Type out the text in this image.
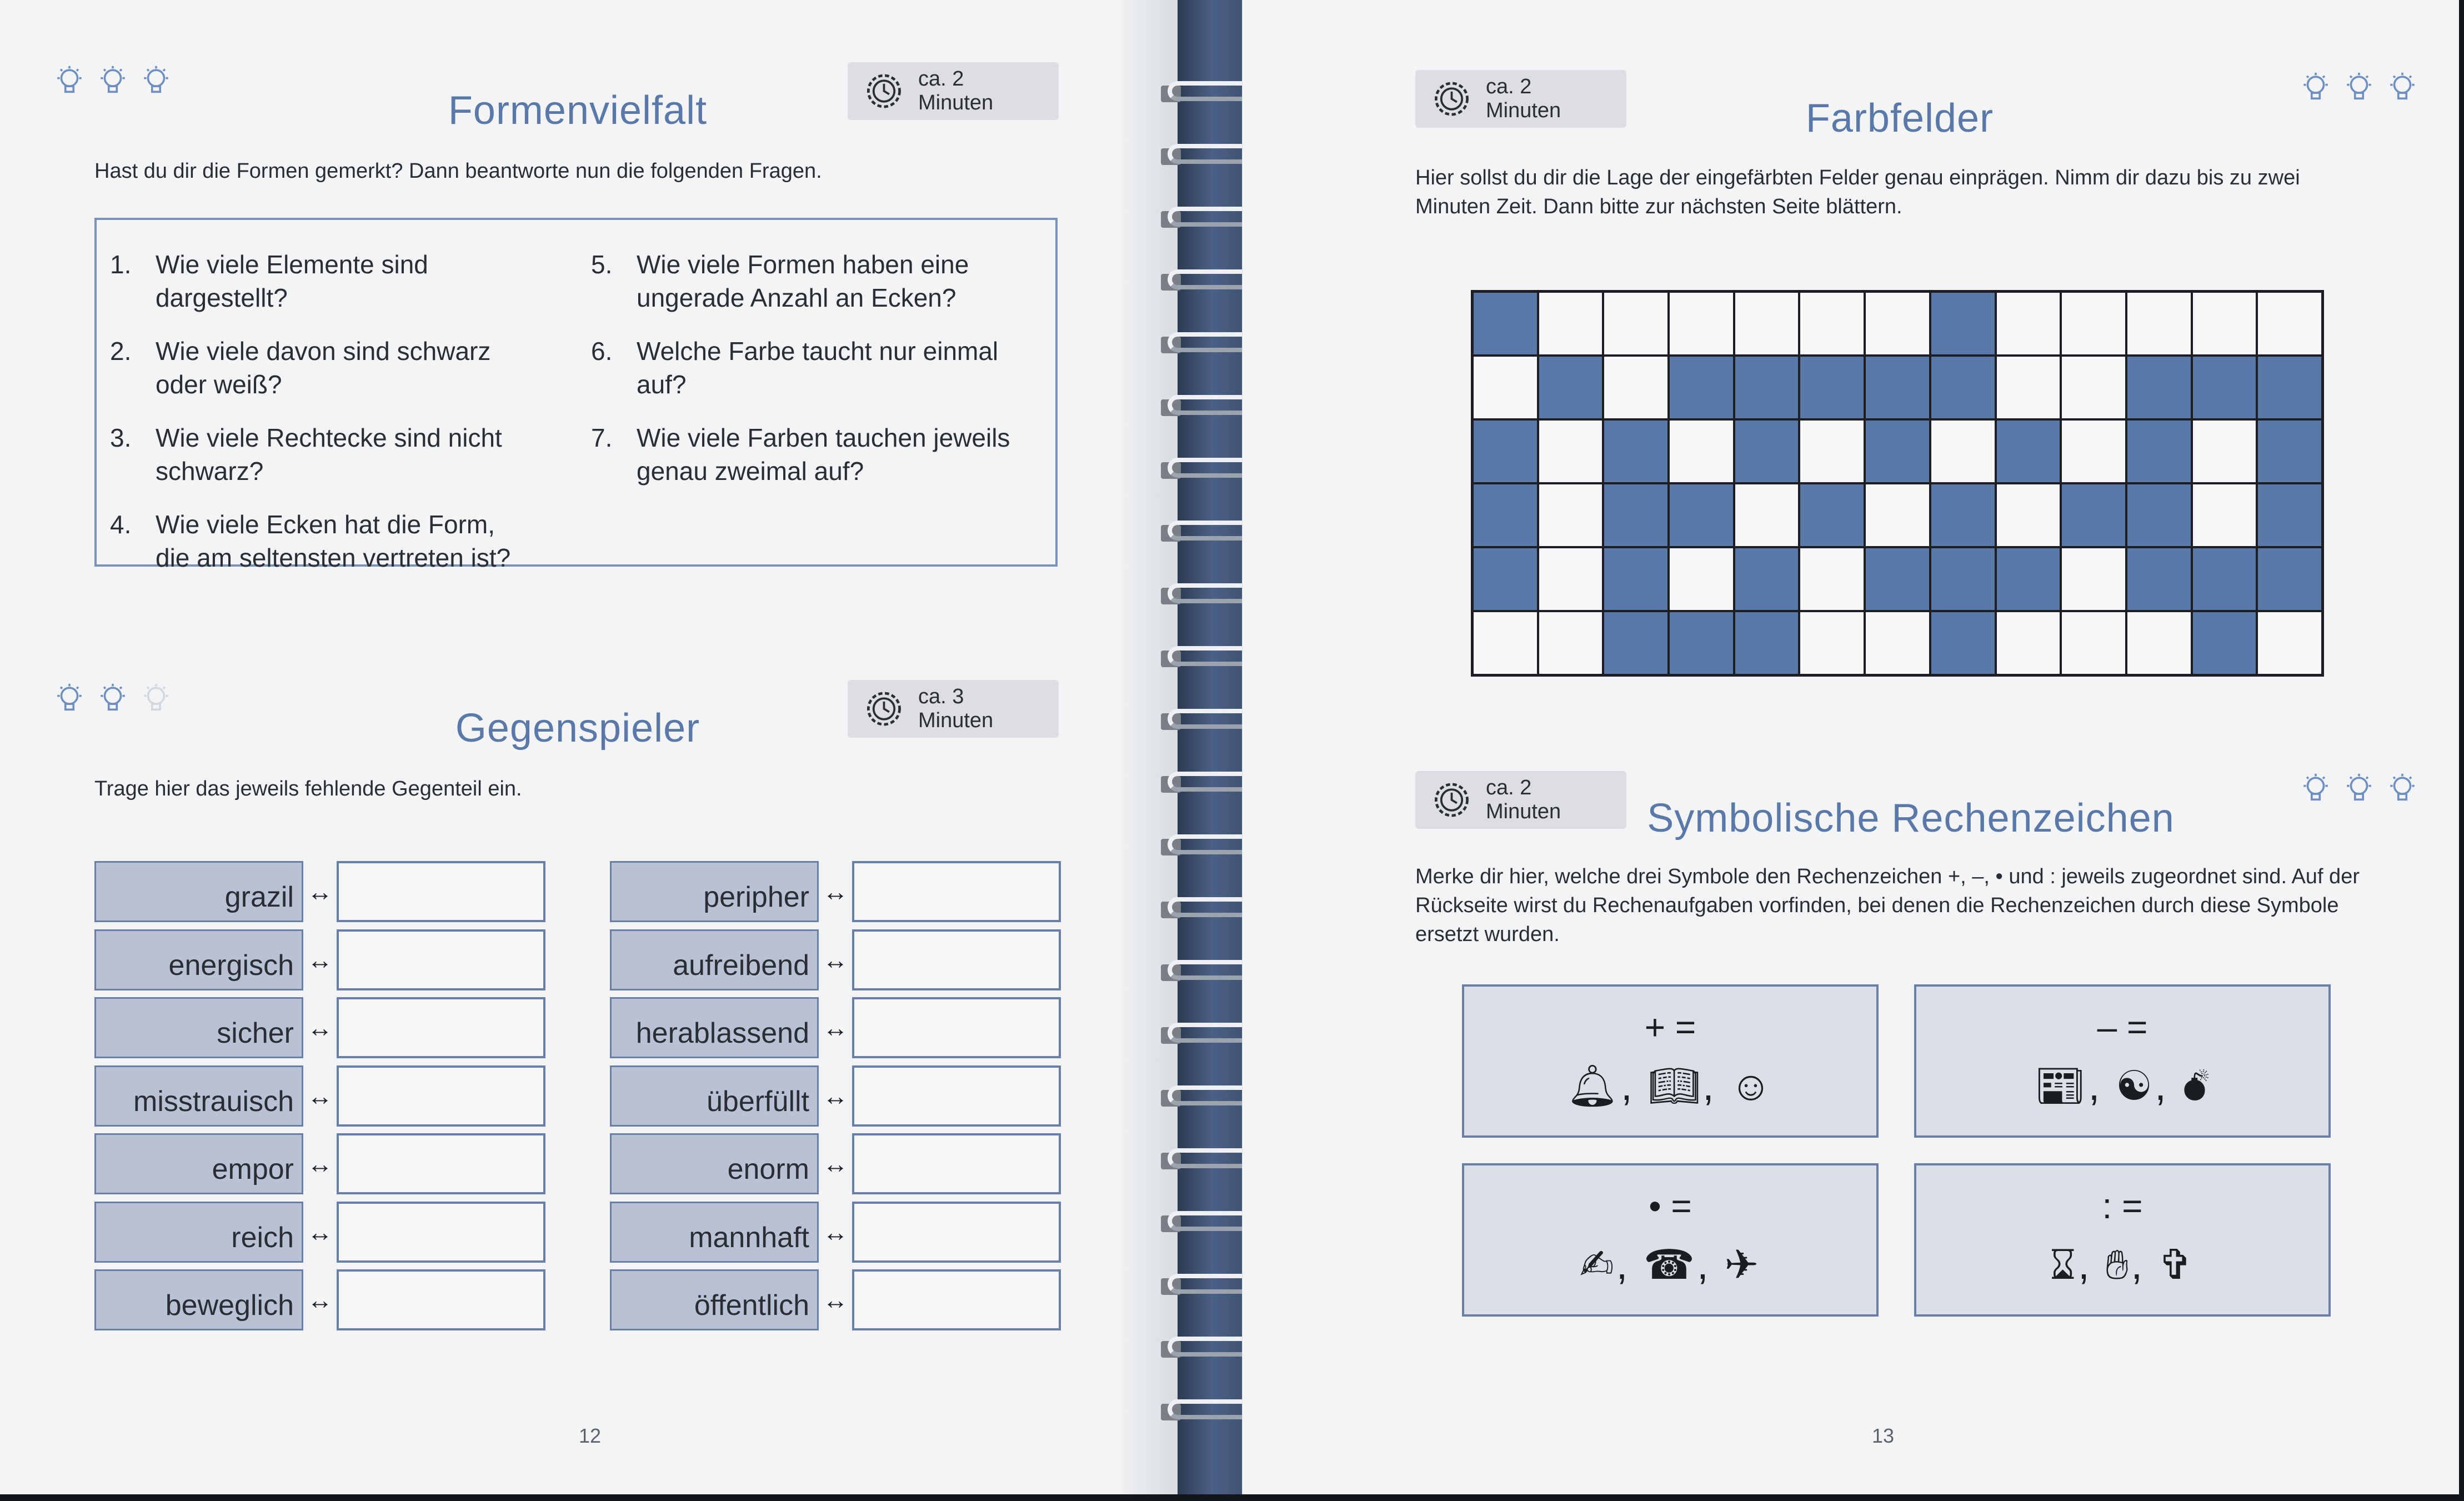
ca. 2 Minuten
Formenvielfalt
Hast du dir die Formen gemerkt? Dann beantworte nun die folgenden Fragen.
1. Wie viele Elemente sind dargestellt?
2. Wie viele davon sind schwarz oder weiß?
3. Wie viele Rechtecke sind nicht schwarz?
4. Wie viele Ecken hat die Form, die am seltensten vertreten ist?
5. Wie viele Formen haben eine ungerade Anzahl an Ecken?
6. Welche Farbe taucht nur einmal auf?
7. Wie viele Farben tauchen jeweils genau zweimal auf?
ca. 3 Minuten
Gegenspieler
Trage hier das jeweils fehlende Gegenteil ein.
grazil ↔
energisch ↔
sicher ↔
misstrauisch ↔
empor ↔
reich ↔
beweglich ↔
peripher ↔
aufreibend ↔
herablassend ↔
überfüllt ↔
enorm ↔
mannhaft ↔
öffentlich ↔
12
ca. 2 Minuten	Farbfelder
Hier sollst du dir die Lage der eingefärbten Felder genau einprägen. Nimm dir dazu bis zu zwei
Minuten Zeit. Dann bitte zur nächsten Seite blättern.
ca. 2 Minuten	Symbolische Rechenzeichen
Merke dir hier, welche drei Symbole den Rechenzeichen +, –, • und : jeweils zugeordnet sind. Auf der
Rückseite wirst du Rechenaufgaben vorfinden, bei denen die Rechenzeichen durch diese Symbole
ersetzt wurden.
+ =
🔔︎, 📖︎, ☺
– =
📰︎, ☯, 💣︎
• =
✍︎, ☎, ✈
: =
⌛︎, ✋︎, ✞
13
